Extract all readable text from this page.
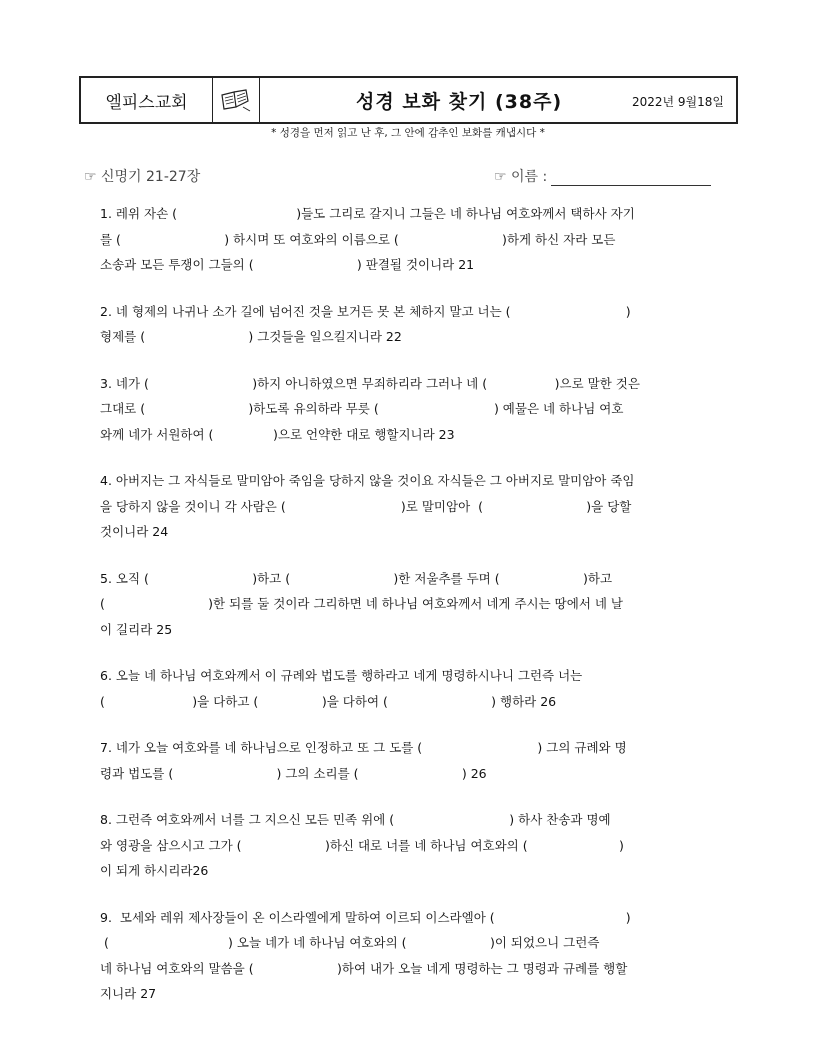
엘피스교회	성경 보화 찾기 (38주)	2022년 9월18일
* 성경을 먼저 읽고 난 후, 그 안에 감추인 보화를 캐냅시다 *
☞ 신명기 21-27장	☞ 이름 :
1. 레위 자손 (                              )들도 그리로 갈지니 그들은 네 하나님 여호와께서 택하사 자기
를 (                          ) 하시며 또 여호와의 이름으로 (                          )하게 하신 자라 모든
소송과 모든 투쟁이 그들의 (                          ) 판결될 것이니라 21
2. 네 형제의 나귀나 소가 길에 넘어진 것을 보거든 못 본 체하지 말고 너는 (                             )
형제를 (                          ) 그것들을 일으킬지니라 22
3. 네가 (                          )하지 아니하였으면 무죄하리라 그러나 네 (                 )으로 말한 것은
그대로 (                          )하도록 유의하라 무릇 (                             ) 예물은 네 하나님 여호
와께 네가 서원하여 (               )으로 언약한 대로 행할지니라 23
4. 아버지는 그 자식들로 말미암아 죽임을 당하지 않을 것이요 자식들은 그 아버지로 말미암아 죽임
을 당하지 않을 것이니 각 사람은 (                             )로 말미암아  (                          )을 당할
것이니라 24
5. 오직 (                          )하고 (                          )한 저울추를 두며 (                     )하고
(                          )한 되를 둘 것이라 그리하면 네 하나님 여호와께서 네게 주시는 땅에서 네 날
이 길리라 25
6. 오늘 네 하나님 여호와께서 이 규례와 법도를 행하라고 네게 명령하시나니 그런즉 너는
(                      )을 다하고 (                )을 다하여 (                          ) 행하라 26
7. 네가 오늘 여호와를 네 하나님으로 인정하고 또 그 도를 (                             ) 그의 규례와 명
령과 법도를 (                          ) 그의 소리를 (                          ) 26
8. 그런즉 여호와께서 너를 그 지으신 모든 민족 위에 (                             ) 하사 찬송과 명예
와 영광을 삼으시고 그가 (                     )하신 대로 너를 네 하나님 여호와의 (                       )
이 되게 하시리라26
9.  모세와 레위 제사장들이 온 이스라엘에게 말하여 이르되 이스라엘아 (                                 )
(                              ) 오늘 네가 네 하나님 여호와의 (                     )이 되었으니 그런즉
네 하나님 여호와의 말씀을 (                     )하여 내가 오늘 네게 명령하는 그 명령과 규례를 행할
지니라 27
